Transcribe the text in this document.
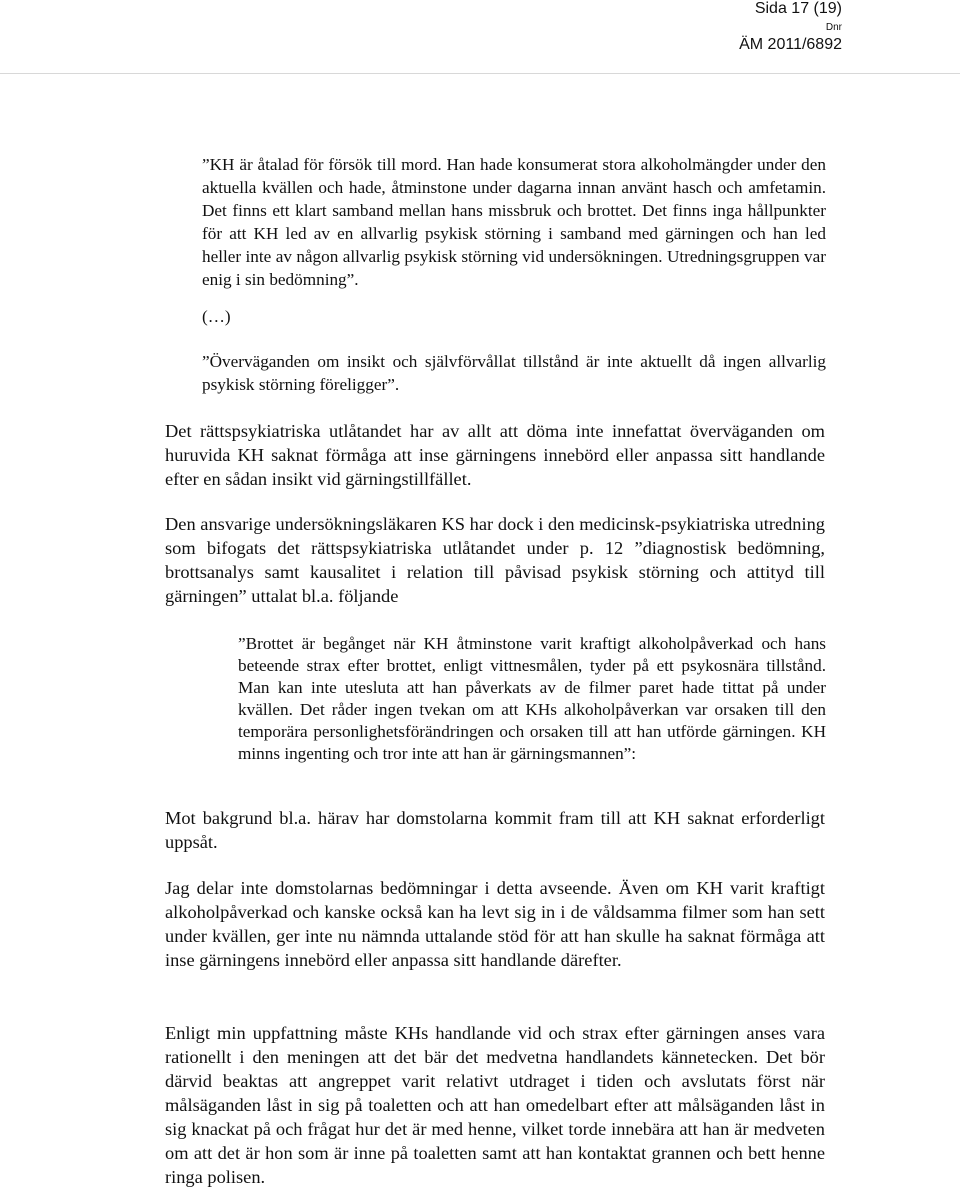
Sida 17 (19)
Dnr
ÄM 2011/6892

”KH är åtalad för försök till mord. Han hade konsumerat stora alkoholmängder under den aktuella kvällen och hade, åtminstone under dagarna innan använt hasch och amfetamin. Det finns ett klart samband mellan hans missbruk och brottet. Det finns inga hållpunkter för att KH led av en allvarlig psykisk störning i samband med gärningen och han led heller inte av någon allvarlig psykisk störning vid undersökningen. Utredningsgruppen var enig i sin bedömning”.

(…)

”Överväganden om insikt och självförvållat tillstånd är inte aktuellt då ingen allvarlig psykisk störning föreligger”.

Det rättspsykiatriska utlåtandet har av allt att döma inte innefattat överväganden om huruvida KH saknat förmåga att inse gärningens innebörd eller anpassa sitt handlande efter en sådan insikt vid gärningstillfället.

Den ansvarige undersökningsläkaren KS har dock i den medicinsk-psykiatriska utredning som bifogats det rättspsykiatriska utlåtandet under p. 12 ”diagnostisk bedömning, brottsanalys samt kausalitet i relation till påvisad psykisk störning och attityd till gärningen” uttalat bl.a. följande

”Brottet är begånget när KH åtminstone varit kraftigt alkoholpåverkad och hans beteende strax efter brottet, enligt vittnesmålen, tyder på ett psykosnära tillstånd. Man kan inte utesluta att han påverkats av de filmer paret hade tittat på under kvällen. Det råder ingen tvekan om att KHs alkoholpåverkan var orsaken till den temporära personlighetsförändringen och orsaken till att han utförde gärningen. KH minns ingenting och tror inte att han är gärningsmannen”:

Mot bakgrund bl.a. härav har domstolarna kommit fram till att KH saknat erforderligt uppsåt.

Jag delar inte domstolarnas bedömningar i detta avseende. Även om KH varit kraftigt alkoholpåverkad och kanske också kan ha levt sig in i de våldsamma filmer som han sett under kvällen, ger inte nu nämnda uttalande stöd för att han skulle ha saknat förmåga att inse gärningens innebörd eller anpassa sitt handlande därefter.

Enligt min uppfattning måste KHs handlande vid och strax efter gärningen anses vara rationellt i den meningen att det bär det medvetna handlandets kännetecken. Det bör därvid beaktas att angreppet varit relativt utdraget i tiden och avslutats först när målsäganden låst in sig på toaletten och att han omedelbart efter att målsäganden låst in sig knackat på och frågat hur det är med henne, vilket torde innebära att han är medveten om att det är hon som är inne på toaletten samt att han kontaktat grannen och bett henne ringa polisen.
